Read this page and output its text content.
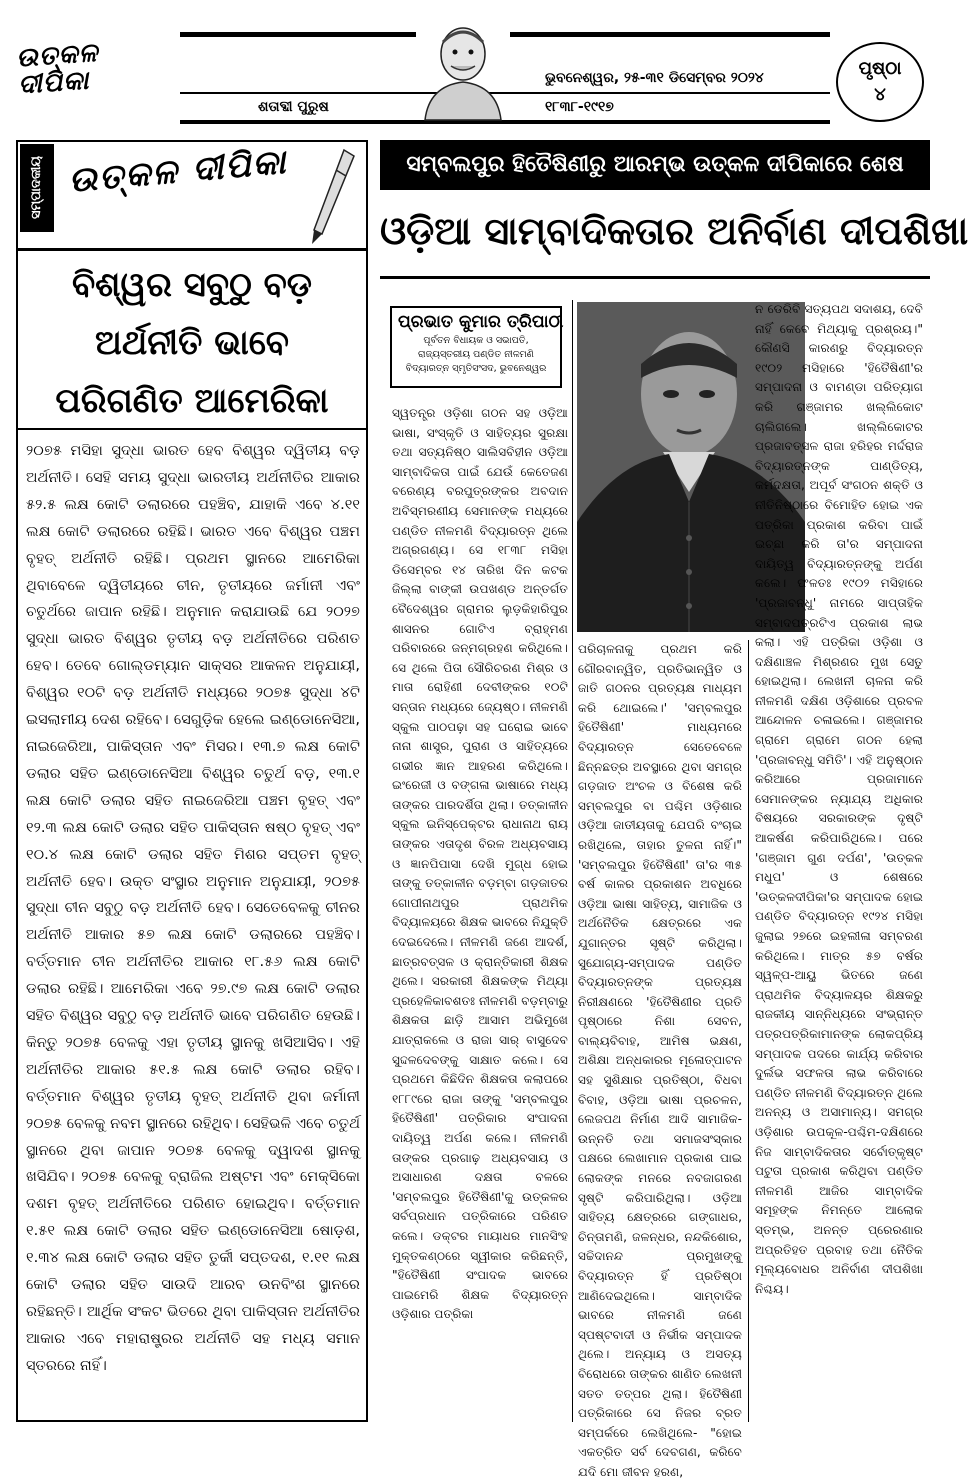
ଉତ୍କଳ ଦୀପିକା	ଭୁବନେଶ୍ୱର, ୨୫-୩୧ ଡିସେମ୍ବର ୨୦୨୪
ଶତାବ୍ଦୀ ପୁରୁଷ	୧୮୩୮-୧୯୧୭
ପୃଷ୍ଠା
୪
ସମ୍ପାଦକୀୟ ଉତ୍କଳ ଦୀପିକା
ବିଶ୍ୱର ସବୁଠୁ ବଡ଼ ଅର୍ଥନୀତି ଭାବେ
ପରିଗଣିତ ଆମେରିକା
୨୦୭୫ ମସିହା ସୁଦ୍ଧା ଭାରତ ହେବ ବିଶ୍ୱର ଦ୍ୱିତୀୟ ବଡ଼ ଅର୍ଥନୀତି। ସେହି ସମୟ ସୁଦ୍ଧା ଭାରତୀୟ ଅର୍ଥନୀତିର ଆକାର ୫୨.୫ ଲକ୍ଷ କୋଟି ଡଲାରରେ ପହଞ୍ଚିବ, ଯାହାକି ଏବେ ୪.୧୧ ଲକ୍ଷ କୋଟି ଡଲାରରେ ରହିଛି। ଭାରତ ଏବେ ବିଶ୍ୱର ପଞ୍ଚମ ବୃହତ୍ ଅର୍ଥନୀତି ରହିଛି। ପ୍ରଥମ ସ୍ଥାନରେ ଆମେରିକା ଥିବାବେଳେ ଦ୍ୱିତୀୟରେ ଚୀନ, ତୃତୀୟରେ ଜର୍ମାନୀ ଏବଂ ଚତୁର୍ଥରେ ଜାପାନ ରହିଛି। ଅନୁମାନ କରାଯାଉଛି ଯେ ୨୦୨୭ ସୁଦ୍ଧା ଭାରତ ବିଶ୍ୱର ତୃତୀୟ ବଡ଼ ଅର୍ଥନୀତିରେ ପରିଣତ ହେବ। ତେବେ ଗୋଲ୍ଡମ୍ୟାନ ସାକ୍ସର ଆକଳନ ଅନୁଯାୟୀ, ବିଶ୍ୱର ୧୦ଟି ବଡ଼ ଅର୍ଥନୀତି ମଧ୍ୟରେ ୨୦୭୫ ସୁଦ୍ଧା ୪ଟି ଇସଲାମୀୟ ଦେଶ ରହିବେ। ସେଗୁଡ଼ିକ ହେଲେ ଇଣ୍ଡୋନେସିଆ, ନାଇଜେରିଆ, ପାକିସ୍ତାନ ଏବଂ ମିସର। ୧୩.୭ ଲକ୍ଷ କୋଟି ଡଲାର ସହିତ ଇଣ୍ଡୋନେସିଆ ବିଶ୍ୱର ଚତୁର୍ଥ ବଡ଼, ୧୩.୧ ଲକ୍ଷ କୋଟି ଡଲାର ସହିତ ନାଇଜେରିଆ ପଞ୍ଚମ ବୃହତ୍ ଏବଂ ୧୨.୩ ଲକ୍ଷ କୋଟି ଡଲାର ସହିତ ପାକିସ୍ତାନ ଷଷ୍ଠ ବୃହତ୍ ଏବଂ ୧୦.୪ ଲକ୍ଷ କୋଟି ଡଲାର ସହିତ ମିଶର ସପ୍ତମ ବୃହତ୍ ଅର୍ଥନୀତି ହେବ। ଉକ୍ତ ସଂସ୍ଥାର ଅନୁମାନ ଅନୁଯାୟୀ, ୨୦୭୫ ସୁଦ୍ଧା ଚୀନ ସବୁଠୁ ବଡ଼ ଅର୍ଥନୀତି ହେବ। ସେତେବେଳକୁ ଚୀନର ଅର୍ଥନୀତି ଆକାର ୫୭ ଲକ୍ଷ କୋଟି ଡଲାରରେ ପହଞ୍ଚିବ। ବର୍ତ୍ତମାନ ଚୀନ ଅର୍ଥନୀତିର ଆକାର ୧୮.୫୬ ଲକ୍ଷ କୋଟି ଡଲାର ରହିଛି। ଆମେରିକା ଏବେ ୨୭.୯୭ ଲକ୍ଷ କୋଟି ଡଲାର ସହିତ ବିଶ୍ୱର ସବୁଠୁ ବଡ଼ ଅର୍ଥନୀତି ଭାବେ ପରିଗଣିତ ହେଉଛି। କିନ୍ତୁ ୨୦୭୫ ବେଳକୁ ଏହା ତୃତୀୟ ସ୍ଥାନକୁ ଖସିଆସିବ। ଏହି ଅର୍ଥନୀତିର ଆକାର ୫୧.୫ ଲକ୍ଷ କୋଟି ଡଲାର ରହିବ। ବର୍ତ୍ତମାନ ବିଶ୍ୱର ତୃତୀୟ ବୃହତ୍ ଅର୍ଥନୀତି ଥିବା ଜର୍ମାନୀ ୨୦୭୫ ବେଳକୁ ନବମ ସ୍ଥାନରେ ରହିଥିବ। ସେହିଭଳି ଏବେ ଚତୁର୍ଥ ସ୍ଥାନରେ ଥିବା ଜାପାନ ୨୦୭୫ ବେଳକୁ ଦ୍ୱାଦଶ ସ୍ଥାନକୁ ଖସିଯିବ। ୨୦୭୫ ବେଳକୁ ବ୍ରାଜିଲ ଅଷ୍ଟମ ଏବଂ ମେକ୍ସିକୋ ଦଶମ ବୃହତ୍ ଅର୍ଥନୀତିରେ ପରିଣତ ହୋଇଥିବ। ବର୍ତ୍ତମାନ ୧.୫୧ ଲକ୍ଷ କୋଟି ଡଲାର ସହିତ ଇଣ୍ଡୋନେସିଆ ଷୋଡ଼ଶ, ୧.୩୪ ଲକ୍ଷ କୋଟି ଡଲାର ସହିତ ତୁର୍କୀ ସପ୍ତଦଶ, ୧.୧୧ ଲକ୍ଷ କୋଟି ଡଲାର ସହିତ ସାଉଦି ଆରବ ଉନବିଂଶ ସ୍ଥାନରେ ରହିଛନ୍ତି। ଆର୍ଥିକ ସଂକଟ ଭିତରେ ଥିବା ପାକିସ୍ତାନ ଅର୍ଥନୀତିର ଆକାର ଏବେ ମହାରାଷ୍ଟ୍ରର ଅର୍ଥନୀତି ସହ ମଧ୍ୟ ସମାନ ସ୍ତରରେ ନାହିଁ।
ସମ୍ବଲପୁର ହିତୈଷିଣୀରୁ ଆରମ୍ଭ ଉତ୍କଳ ଦୀପିକାରେ ଶେଷ
ଓଡ଼ିଆ ସାମ୍ବାଦିକତାର ଅନିର୍ବାଣ ଦୀପଶିଖା
ପ୍ରଭାତ କୁମାର ତ୍ରିପାଠୀ
ପୂର୍ବତନ ବିଧାୟକ ଓ ସଭାପତି, ରାଜ୍ୟସ୍ତରୀୟ ପଣ୍ଡିତ ନୀଳମଣି ବିଦ୍ୟାରତ୍ନ ସ୍ମୃତିସଂସଦ, ଭୁବନେଶ୍ୱର
ସ୍ୱତନ୍ତ୍ର ଓଡ଼ିଶା ଗଠନ ସହ ଓଡ଼ିଆ ଭାଷା, ସଂସ୍କୃତି ଓ ସାହିତ୍ୟର ସୁରକ୍ଷା ତଥା ସତ୍ୟନିଷ୍ଠ ସାଲିସବିହୀନ ଓଡ଼ିଆ ସାମ୍ବାଦିକତା ପାଇଁ ଯେଉଁ କେତେଜଣ ବରେଣ୍ୟ ବରପୁତ୍ରଙ୍କର ଅବଦାନ ଅବିସ୍ମରଣୀୟ ସେମାନଙ୍କ ମଧ୍ୟରେ ପଣ୍ଡିତ ନୀଳମଣି ବିଦ୍ୟାରତ୍ନ ଥିଲେ ଅଗ୍ରଗଣ୍ୟ। ସେ ୧୮୩୮ ମସିହା ଡିସେମ୍ବର ୧୪ ତାରିଖ ଦିନ କଟକ ଜିଲ୍ଲା ବାଙ୍କୀ ଉପଖଣ୍ଡ ଅନ୍ତର୍ଗତ ବୈଦେଶ୍ୱର ଗ୍ରାମର ଲୁଡ଼କିହାରିପୁର ଶାସନର ଗୋଟିଏ ବ୍ରାହ୍ମଣ ପରିବାରରେ ଜନ୍ମଗ୍ରହଣ କରିଥିଲେ। ସେ ଥିଲେ ପିତା ସୌରିଚରଣ ମିଶ୍ର ଓ ମାତା ରୋହିଣୀ ଦେବୀଙ୍କର ୧୦ଟି ସନ୍ତାନ ମଧ୍ୟରେ ଜ୍ୟେଷ୍ଠ। ନୀଳମଣି ସ୍କୁଲ ପାଠପଢ଼ା ସହ ଘରୋଇ ଭାବେ ନାନା ଶାସ୍ତ୍ର, ପୁରାଣ ଓ ସାହିତ୍ୟରେ ଗଭୀର ଜ୍ଞାନ ଆହରଣ କରିଥିଲେ। ଇଂରେଜୀ ଓ ବଙ୍ଗଳା ଭାଷାରେ ମଧ୍ୟ ତାଙ୍କର ପାରଦର୍ଶିତା ଥିଲା। ତତ୍କାଳୀନ ସ୍କୁଲ ଇନିସ୍ପେକ୍ଟର ରାଧାନାଥ ରାୟ ତାଙ୍କର ଏତାଦୃଶ ବିରଳ ଅଧ୍ୟବସାୟ ଓ ଜ୍ଞାନପିପାସା ଦେଖି ମୁଗ୍ଧ ହୋଇ ତାଙ୍କୁ ତତ୍କାଳୀନ ବଡ଼ମ୍ବା ଗଡ଼ଜାତର ଗୋପୀନାଥପୁର ପ୍ରାଥମିକ ବିଦ୍ୟାଳୟରେ ଶିକ୍ଷକ ଭାବରେ ନିଯୁକ୍ତି ଦେଇଦେଲେ। ନୀଳମଣି ଜଣେ ଆଦର୍ଶ, ଛାତ୍ରବତ୍ସଳ ଓ କ୍ରାନ୍ତିକାରୀ ଶିକ୍ଷକ ଥିଲେ। ସରକାରୀ ଶିକ୍ଷକଙ୍କ ମିଥ୍ୟା ପ୍ରହେଳିକାବଶତଃ ନୀଳମଣି ବଡ଼ମ୍ବାରୁ ଶିକ୍ଷକତା ଛାଡ଼ି ଆସାମ ଅଭିମୁଖେ ଯାତ୍ରାକଲେ ଓ ରାଜା ସାର୍ ବାସୁଦେବ ସୁଦ୍ଦଳଦେବଙ୍କୁ ସାକ୍ଷାତ କଲେ। ସେ ପ୍ରଥମେ କିଛିଦିନ ଶିକ୍ଷକତା କଲାପରେ ୧୮୮୯ରେ ରାଜା ତାଙ୍କୁ 'ସମ୍ବଲପୁର ହିତୈଷିଣୀ' ପତ୍ରିକାର ସଂପାଦନା ଦାୟିତ୍ୱ ଅର୍ପଣ କଲେ। ନୀଳମଣି ତାଙ୍କର ପ୍ରଗାଢ଼ ଅଧ୍ୟବସାୟ ଓ ଅସାଧାରଣ ଦକ୍ଷତା ବଳରେ 'ସମ୍ବଲପୁର ହିତୈଷିଣୀ'କୁ ଉତ୍କଳର ସର୍ବପ୍ରଧାନ ପତ୍ରିକାରେ ପରିଣତ କଲେ। ଡକ୍ଟର ମାୟାଧର ମାନସିଂହ ମୁକ୍ତକଣ୍ଠରେ ସ୍ୱୀକାର କରିଛନ୍ତି, "ହିତୈଷିଣୀ ସଂପାଦକ ଭାବରେ ପାଇମେରି ଶିକ୍ଷକ ବିଦ୍ୟାରତ୍ନ ଓଡ଼ିଶାର ପତ୍ରିକା
ପରିଚାଳନାକୁ ପ୍ରଥମ କରି ଗୌରବାନ୍ୱିତ, ପ୍ରତିଭାନ୍ୱିତ ଓ ଜାତି ଗଠନର ପ୍ରତ୍ୟକ୍ଷ ମାଧ୍ୟମ କରି ଥୋଇଲେ।' 'ସମ୍ବଲପୁର ହିତୈଷିଣୀ' ମାଧ୍ୟମରେ ବିଦ୍ୟାରତ୍ନ ସେତେବେଳେ ଛିନ୍ନଛତ୍ର ଅବସ୍ଥାରେ ଥିବା ସମଗ୍ର ଗଡ଼ଜାତ ଅଂଚଳ ଓ ବିଶେଷ କରି ସମ୍ବଲପୁର ବା ପଶ୍ଚିମ ଓଡ଼ିଶାର ଓଡ଼ିଆ ଜାତୀୟତାକୁ ଯେପରି ବଂଚାଇ ରଖିଥିଲେ, ତାହାର ତୁଳନା ନାହିଁ।" 'ସମ୍ବଲପୁର ହିତୈଷିଣୀ' ତା'ର ୩୫ ବର୍ଷ କାଳର ପ୍ରକାଶନ ଅବଧିରେ ଓଡ଼ିଆ ଭାଷା ସାହିତ୍ୟ, ସାମାଜିକ ଓ ଅର୍ଥନୈତିକ କ୍ଷେତ୍ରରେ ଏକ ଯୁଗାନ୍ତର ସୃଷ୍ଟି କରିଥିଲା। ସୁଯୋଗ୍ୟ-ସମ୍ପାଦକ ପଣ୍ଡିତ ବିଦ୍ୟାରତ୍ନଙ୍କ ପ୍ରତ୍ୟକ୍ଷ ନିରୀକ୍ଷଣରେ 'ହିତୈଷିଣୀର ପ୍ରତି ପୃଷ୍ଠାରେ ନିଶା ସେବନ, ବାଲ୍ୟବିବାହ, ଆମିଷ ଭକ୍ଷଣ, ଅଶିକ୍ଷା ଅନ୍ଧକାରର ମୂଳୋତ୍ପାଟନ ସହ ସୁଶିକ୍ଷାର ପ୍ରତିଷ୍ଠା, ବିଧବା ବିବାହ, ଓଡ଼ିଆ ଭାଷା ପ୍ରଚଳନ, ଲେଜପଥ ନିର୍ମାଣ ଆଦି ସାମାଜିକ-ଉନ୍ନତି ତଥା ସମାଜସଂସ୍କାର ପକ୍ଷରେ ଲେଖାମାନ ପ୍ରକାଶ ପାଇ ଲୋକଙ୍କ ମନରେ ନବଜାଗରଣ ସୃଷ୍ଟି କରିପାରିଥିଲା। ଓଡ଼ିଆ ସାହିତ୍ୟ କ୍ଷେତ୍ରରେ ଗଙ୍ଗାଧର, ଚିନ୍ତାମଣି, ଜଳନ୍ଧର, ନନ୍ଦକିଶୋର, ସଚ୍ଚିଦାନନ୍ଦ ପ୍ରମୁଖଙ୍କୁ ବିଦ୍ୟାରତ୍ନ ହିଁ ପ୍ରତିଷ୍ଠା ଆଣିଦେଇଥିଲେ। ସାମ୍ବାଦିକ ଭାବରେ ନୀଳମଣି ଜଣେ ସ୍ପଷ୍ଟବାଦୀ ଓ ନିର୍ଭୀକ ସମ୍ପାଦକ ଥିଲେ। ଅନ୍ୟାୟ ଓ ଅସତ୍ୟ ବିରୋଧରେ ତାଙ୍କର ଶାଣିତ ଲେଖନୀ ସତତ ତତ୍ପର ଥିଲା। ହିତୈଷିଣୀ ପତ୍ରିକାରେ ସେ ନିଜର ବ୍ରତ ସମ୍ପର୍କରେ ଲେଖିଥିଲେ- "ହୋଇ ଏକତ୍ରିତ ସର୍ବ ଦେବଗଣ, କରିବେ ଯଦି ମୋ ଜୀବନ ହରଣ,
ନ ଡେରିବି ସତ୍ୟପଥ ସଦାଶୟ, ଦେବି ନାହିଁ କେବେ ମିଥ୍ୟାକୁ ପ୍ରଶ୍ରୟ।" କୌଣସି କାରଣରୁ ବିଦ୍ୟାରତ୍ନ ୧୯୦୨ ମସିହାରେ 'ହିତୈଷିଣୀ'ର ସମ୍ପାଦନା ଓ ବାମଣ୍ଡା ପରିତ୍ୟାଗ କରି ଗଞ୍ଜାମର ଖଲ୍ଲିକୋଟ ଚାଲିଗଲେ। ଖଲ୍ଲିକୋଟର ପ୍ରଜାବତ୍ସଳ ରାଜା ହରିହର ମର୍ଦ୍ଦରାଜ ବିଦ୍ୟାରତ୍ନଙ୍କ ପାଣ୍ଡିତ୍ୟ, କର୍ମଦକ୍ଷତା, ଅପୂର୍ବ ସଂଗଠନ ଶକ୍ତି ଓ ନୀତିନିଷ୍ଠାରେ ବିମୋହିତ ହୋଇ ଏକ ପତ୍ରିକା ପ୍ରକାଶ କରିବା ପାଇଁ ଇଚ୍ଛା କରି ତା'ର ସମ୍ପାଦନା ଦାୟିତ୍ୱ ବିଦ୍ୟାରତ୍ନଙ୍କୁ ଅର୍ପଣ କଲେ। ଫଳତଃ ୧୯୦୨ ମସିହାରେ 'ପ୍ରଜାବନ୍ଧୁ' ନାମରେ ସାପ୍ତାହିକ ସମ୍ବାଦପତ୍ରଟିଏ ପ୍ରକାଶ ଲାଭ କଲା। ଏହି ପତ୍ରିକା ଓଡ଼ିଶା ଓ ଦକ୍ଷିଣାଞ୍ଚଳ ମିଶ୍ରଣର ମୁଖ ସେତୁ ହୋଇଥିଲା। ଲେଖନୀ ଚାଳନା କରି ନୀଳମଣି ଦକ୍ଷିଣ ଓଡ଼ିଶାରେ ପ୍ରବଳ ଆନ୍ଦୋଳନ ଚଳାଇଲେ। ଗଞ୍ଜାମର ଗ୍ରାମେ ଗ୍ରାମେ ଗଠନ ହେଲା 'ପ୍ରଜାବନ୍ଧୁ ସମିତି'। ଏହି ଅନୁଷ୍ଠାନ କରିଆରେ ପ୍ରଜାମାନେ ସେମାନଙ୍କର ନ୍ୟାଯ୍ୟ ଅଧିକାର ବିଷୟରେ ସରକାରଙ୍କ ଦୃଷ୍ଟି ଆକର୍ଷଣ କରିପାରିଥିଲେ। ପରେ 'ଗଞ୍ଜାମ ଗୁଣ ଦର୍ପଣ', 'ଉତ୍କଳ ମଧୁପ' ଓ ଶେଷରେ 'ଉତ୍କଳଦୀପିକା'ର ସମ୍ପାଦକ ହୋଇ ପଣ୍ଡିତ ବିଦ୍ୟାରତ୍ନ ୧୯୨୪ ମସିହା ଜୁଲାଇ ୨୭ରେ ଇହଲୀଳା ସମ୍ବରଣ କରିଥିଲେ। ମାତ୍ର ୫୭ ବର୍ଷର ସ୍ୱଳ୍ପ-ଆୟୁ ଭିତରେ ଜଣେ ପ୍ରାଥମିକ ବିଦ୍ୟାଳୟର ଶିକ୍ଷକରୁ ରାଜକୀୟ ସାନ୍ନିଧ୍ୟରେ ସଂଭ୍ରାନ୍ତ ପତ୍ରପତ୍ରିକାମାନଙ୍କ ଲୋକପ୍ରିୟ ସମ୍ପାଦକ ପଦରେ କାର୍ଯ୍ୟ କରିବାର ଦୁର୍ଲଭ ସଫଳତା ଲାଭ କରିବାରେ ପଣ୍ଡିତ ନୀଳମଣି ବିଦ୍ୟାରତ୍ନ ଥିଲେ ଅନନ୍ୟ ଓ ଅସାମାନ୍ୟ। ସମଗ୍ର ଓଡ଼ିଶାର ଉପକୂଳ-ପଶ୍ଚିମ-ଦକ୍ଷିଣରେ ନିଜ ସାମ୍ବାଦିକତାର ସର୍ବୋତ୍କୃଷ୍ଟ ପଟୁତା ପ୍ରକାଶ କରିଥିବା ପଣ୍ଡିତ ନୀଳମଣି ଆଜିର ସାମ୍ବାଦିକ ସମୂହଙ୍କ ନିମନ୍ତେ ଆଲୋକ ସ୍ତମ୍ଭ, ଅନନ୍ତ ପ୍ରେରଣାର ଅପ୍ରତିହତ ପ୍ରବାହ ତଥା ନୈତିକ ମୂଲ୍ୟବୋଧର ଅନିର୍ବାଣ ଦୀପଶିଖା ନିଶ୍ଚୟ।
